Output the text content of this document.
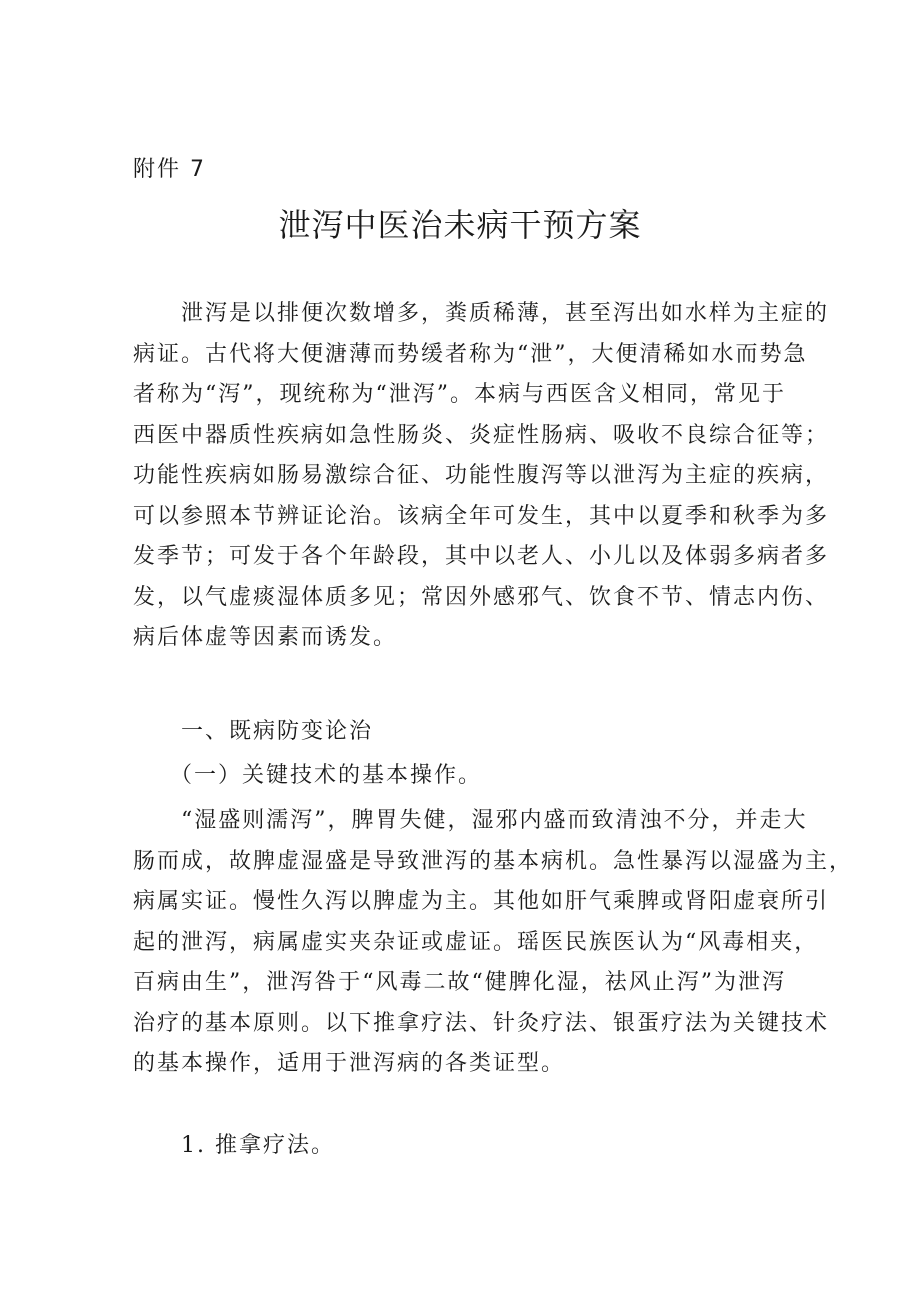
附件 7
泄泻中医治未病干预方案
　　泄泻是以排便次数增多，粪质稀薄，甚至泻出如水样为主症的
病证。古代将大便溏薄而势缓者称为“泄”，大便清稀如水而势急
者称为“泻”，现统称为“泄泻”。本病与西医含义相同，常见于
西医中器质性疾病如急性肠炎、炎症性肠病、吸收不良综合征等；
功能性疾病如肠易激综合征、功能性腹泻等以泄泻为主症的疾病，
可以参照本节辨证论治。该病全年可发生，其中以夏季和秋季为多
发季节；可发于各个年龄段，其中以老人、小儿以及体弱多病者多
发，以气虚痰湿体质多见；常因外感邪气、饮食不节、情志内伤、
病后体虚等因素而诱发。
　　一、既病防变论治
　　（一）关键技术的基本操作。
　　“湿盛则濡泻”，脾胃失健，湿邪内盛而致清浊不分，并走大
肠而成，故脾虚湿盛是导致泄泻的基本病机。急性暴泻以湿盛为主，
病属实证。慢性久泻以脾虚为主。其他如肝气乘脾或肾阳虚衰所引
起的泄泻，病属虚实夹杂证或虚证。瑶医民族医认为“风毒相夹，
百病由生”，泄泻咎于“风毒二故“健脾化湿，祛风止泻”为泄泻
治疗的基本原则。以下推拿疗法、针灸疗法、银蛋疗法为关键技术
的基本操作，适用于泄泻病的各类证型。
　　1. 推拿疗法。
